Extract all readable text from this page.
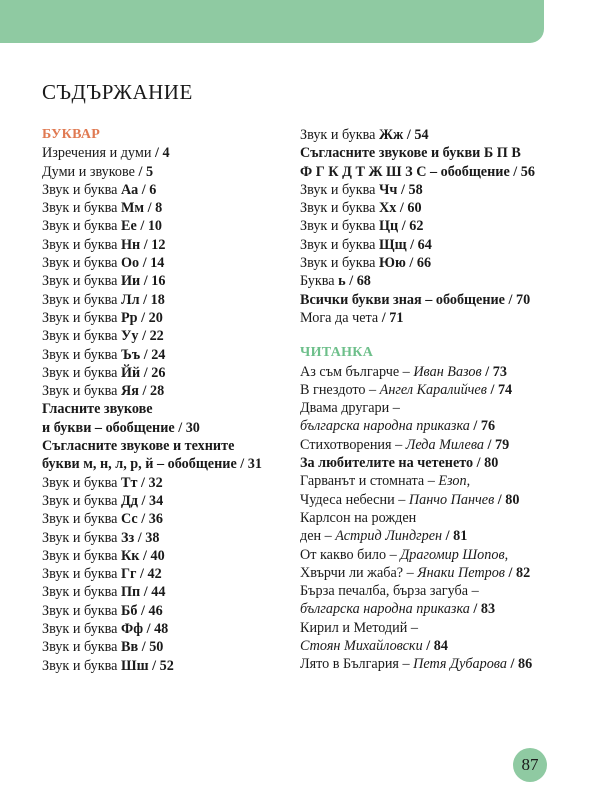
СЪДЪРЖАНИЕ
БУКВАР
Изречения и думи / 4
Думи и звукове / 5
Звук и буква Аа / 6
Звук и буква Мм / 8
Звук и буква Ее / 10
Звук и буква Нн / 12
Звук и буква Оо / 14
Звук и буква Ии / 16
Звук и буква Лл / 18
Звук и буква Рр / 20
Звук и буква Уу / 22
Звук и буква Ъъ / 24
Звук и буква Йй / 26
Звук и буква Яя / 28
Гласните звукове
и букви – обобщение / 30
Съгласните звукове и техните
букви м, н, л, р, й – обобщение / 31
Звук и буква Тт / 32
Звук и буква Дд / 34
Звук и буква Сс / 36
Звук и буква Зз / 38
Звук и буква Кк / 40
Звук и буква Гг / 42
Звук и буква Пп / 44
Звук и буква Бб / 46
Звук и буква Фф / 48
Звук и буква Вв / 50
Звук и буква Шш / 52
Звук и буква Жж / 54
Съгласните звукове и букви Б П В
Ф Г К Д Т Ж Ш З С – обобщение / 56
Звук и буква Чч / 58
Звук и буква Хх / 60
Звук и буква Цц / 62
Звук и буква Щщ / 64
Звук и буква Юю / 66
Буква ь / 68
Всички букви зная – обобщение / 70
Мога да чета / 71
ЧИТАНКА
Аз съм българче – Иван Вазов / 73
В гнездото – Ангел Каралийчев / 74
Двама другари –
българска народна приказка / 76
Стихотворения – Леда Милева / 79
За любителите на четенето / 80
Гарванът и стомната – Езоп,
Чудеса небесни – Панчо Панчев / 80
Карлсон на рожден
ден – Астрид Линдгрен / 81
От какво било – Драгомир Шопов,
Хвърчи ли жаба? – Янаки Петров / 82
Бърза печалба, бърза загуба –
българска народна приказка / 83
Кирил и Методий –
Стоян Михайловски / 84
Лято в България – Петя Дубарова / 86
87
